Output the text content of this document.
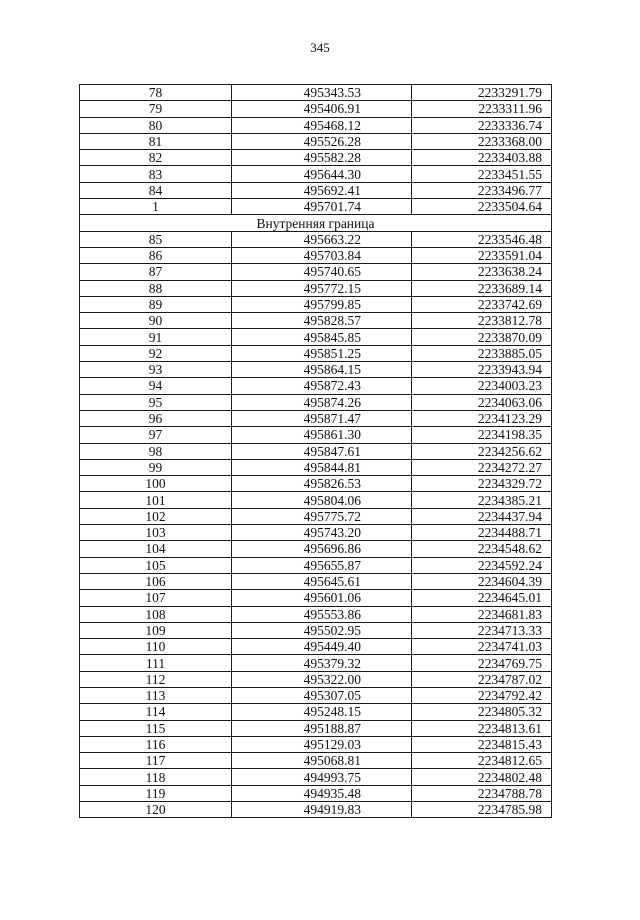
345
78	495343.53	2233291.79
79	495406.91	2233311.96
80	495468.12	2233336.74
81	495526.28	2233368.00
82	495582.28	2233403.88
83	495644.30	2233451.55
84	495692.41	2233496.77
1	495701.74	2233504.64
Внутренняя граница		
85	495663.22	2233546.48
86	495703.84	2233591.04
87	495740.65	2233638.24
88	495772.15	2233689.14
89	495799.85	2233742.69
90	495828.57	2233812.78
91	495845.85	2233870.09
92	495851.25	2233885.05
93	495864.15	2233943.94
94	495872.43	2234003.23
95	495874.26	2234063.06
96	495871.47	2234123.29
97	495861.30	2234198.35
98	495847.61	2234256.62
99	495844.81	2234272.27
100	495826.53	2234329.72
101	495804.06	2234385.21
102	495775.72	2234437.94
103	495743.20	2234488.71
104	495696.86	2234548.62
105	495655.87	2234592.24
106	495645.61	2234604.39
107	495601.06	2234645.01
108	495553.86	2234681.83
109	495502.95	2234713.33
110	495449.40	2234741.03
111	495379.32	2234769.75
112	495322.00	2234787.02
113	495307.05	2234792.42
114	495248.15	2234805.32
115	495188.87	2234813.61
116	495129.03	2234815.43
117	495068.81	2234812.65
118	494993.75	2234802.48
119	494935.48	2234788.78
120	494919.83	2234785.98
